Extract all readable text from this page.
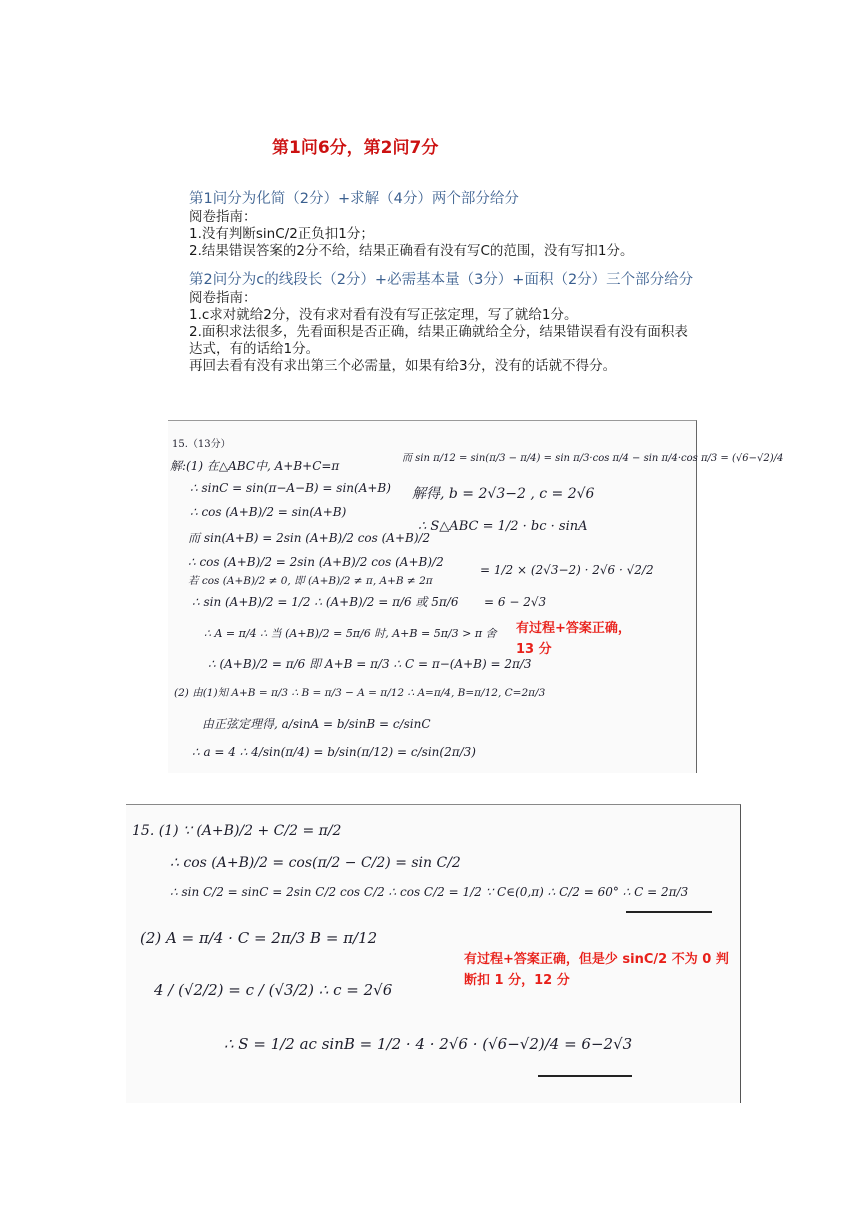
第1问6分，第2问7分
第1问分为化简（2分）+求解（4分）两个部分给分
阅卷指南：
1.没有判断sinC/2正负扣1分；
2.结果错误答案的2分不给，结果正确看有没有写C的范围，没有写扣1分。
第2问分为c的线段长（2分）+必需基本量（3分）+面积（2分）三个部分给分
阅卷指南：
1.c求对就给2分，没有求对看有没有写正弦定理，写了就给1分。
2.面积求法很多，先看面积是否正确，结果正确就给全分，结果错误看有没有面积表达式，有的话给1分。
再回去看有没有求出第三个必需量，如果有给3分，没有的话就不得分。
15.（13分）
解:(1) 在△ABC中, A+B+C=π
∴ sinC = sin(π−A−B) = sin(A+B)
∴ cos (A+B)/2 = sin(A+B)
而 sin(A+B) = 2sin (A+B)/2 cos (A+B)/2
∴ cos (A+B)/2 = 2sin (A+B)/2 cos (A+B)/2
若 cos (A+B)/2 ≠ 0, 即 (A+B)/2 ≠ π, A+B ≠ 2π
∴ sin (A+B)/2 = 1/2 ∴ (A+B)/2 = π/6 或 5π/6
∴ A = π/4 ∴ 当 (A+B)/2 = 5π/6 时, A+B = 5π/3 > π 舍
∴ (A+B)/2 = π/6 即 A+B = π/3 ∴ C = π−(A+B) = 2π/3
(2) 由(1)知 A+B = π/3 ∴ B = π/3 − A = π/12 ∴ A=π/4, B=π/12, C=2π/3
由正弦定理得, a/sinA = b/sinB = c/sinC
∴ a = 4 ∴ 4/sin(π/4) = b/sin(π/12) = c/sin(2π/3)
而 sin π/12 = sin(π/3 − π/4) = sin π/3·cos π/4 − sin π/4·cos π/3 = (√6−√2)/4
解得, b = 2√3−2 , c = 2√6
∴ S△ABC = 1/2 · bc · sinA
= 1/2 × (2√3−2) · 2√6 · √2/2
= 6 − 2√3
有过程+答案正确，13 分
15. (1) ∵ (A+B)/2 + C/2 = π/2
∴ cos (A+B)/2 = cos(π/2 − C/2) = sin C/2
∴ sin C/2 = sinC = 2sin C/2 cos C/2 ∴ cos C/2 = 1/2 ∵ C∈(0,π) ∴ C/2 = 60° ∴ C = 2π/3
(2) A = π/4 · C = 2π/3 B = π/12
4 / (√2/2) = c / (√3/2) ∴ c = 2√6
∴ S = 1/2 ac sinB = 1/2 · 4 · 2√6 · (√6−√2)/4 = 6−2√3
有过程+答案正确，但是少 sinC/2 不为 0 判断扣 1 分，12 分
